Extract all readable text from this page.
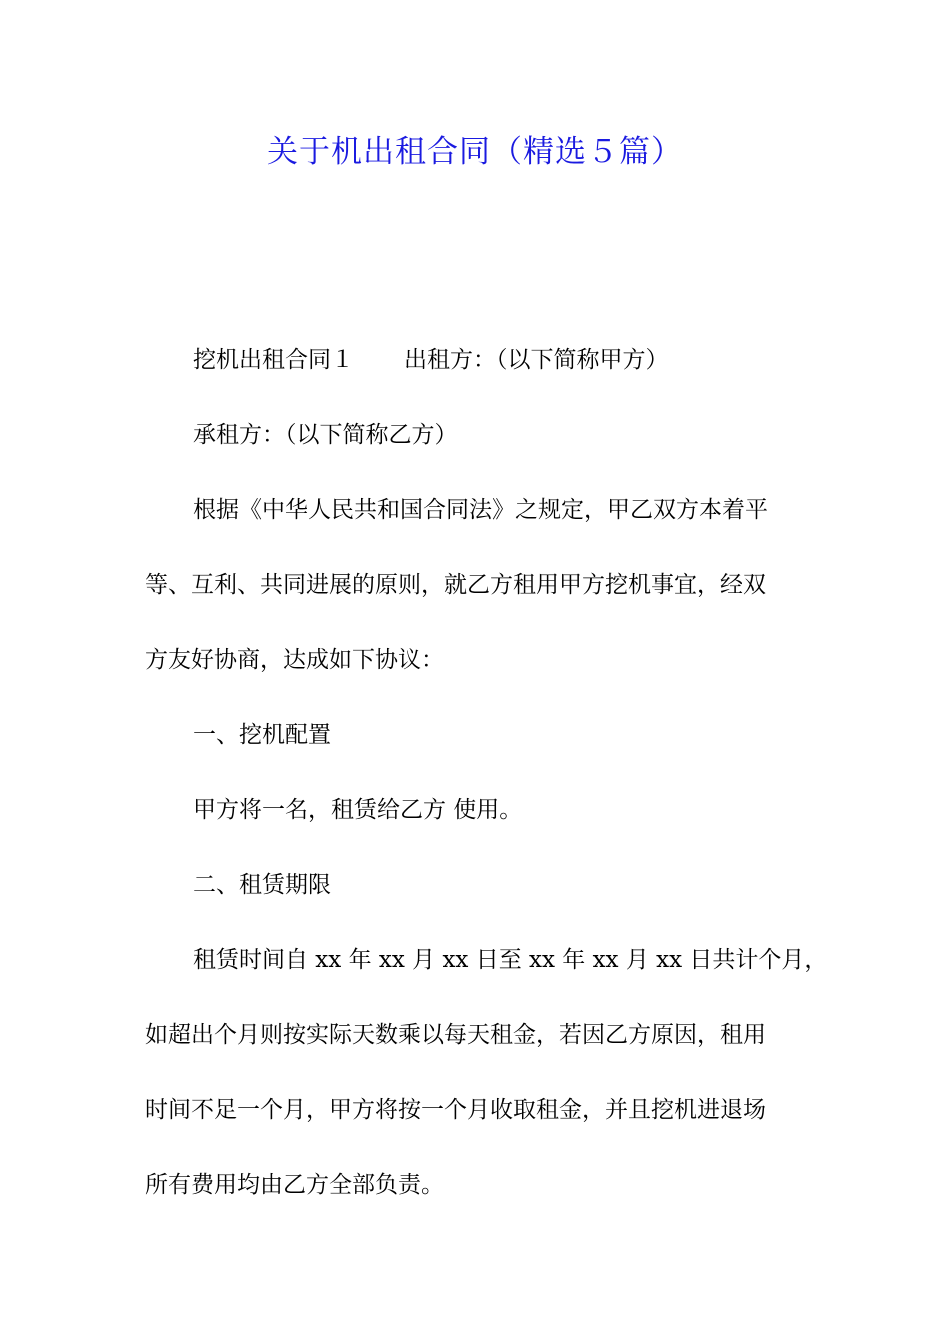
关于机出租合同（精选５篇）
挖机出租合同１ 出租方：（以下简称甲方）
承租方：（以下简称乙方）
根据《中华人民共和国合同法》之规定，甲乙双方本着平
等、互利、共同进展的原则，就乙方租用甲方挖机事宜，经双
方友好协商，达成如下协议：
一、挖机配置
甲方将一名，租赁给乙方 使用。
二、租赁期限
租赁时间自 xx 年 xx 月 xx 日至 xx 年 xx 月 xx 日共计个月，
如超出个月则按实际天数乘以每天租金，若因乙方原因，租用
时间不足一个月，甲方将按一个月收取租金，并且挖机进退场
所有费用均由乙方全部负责。
